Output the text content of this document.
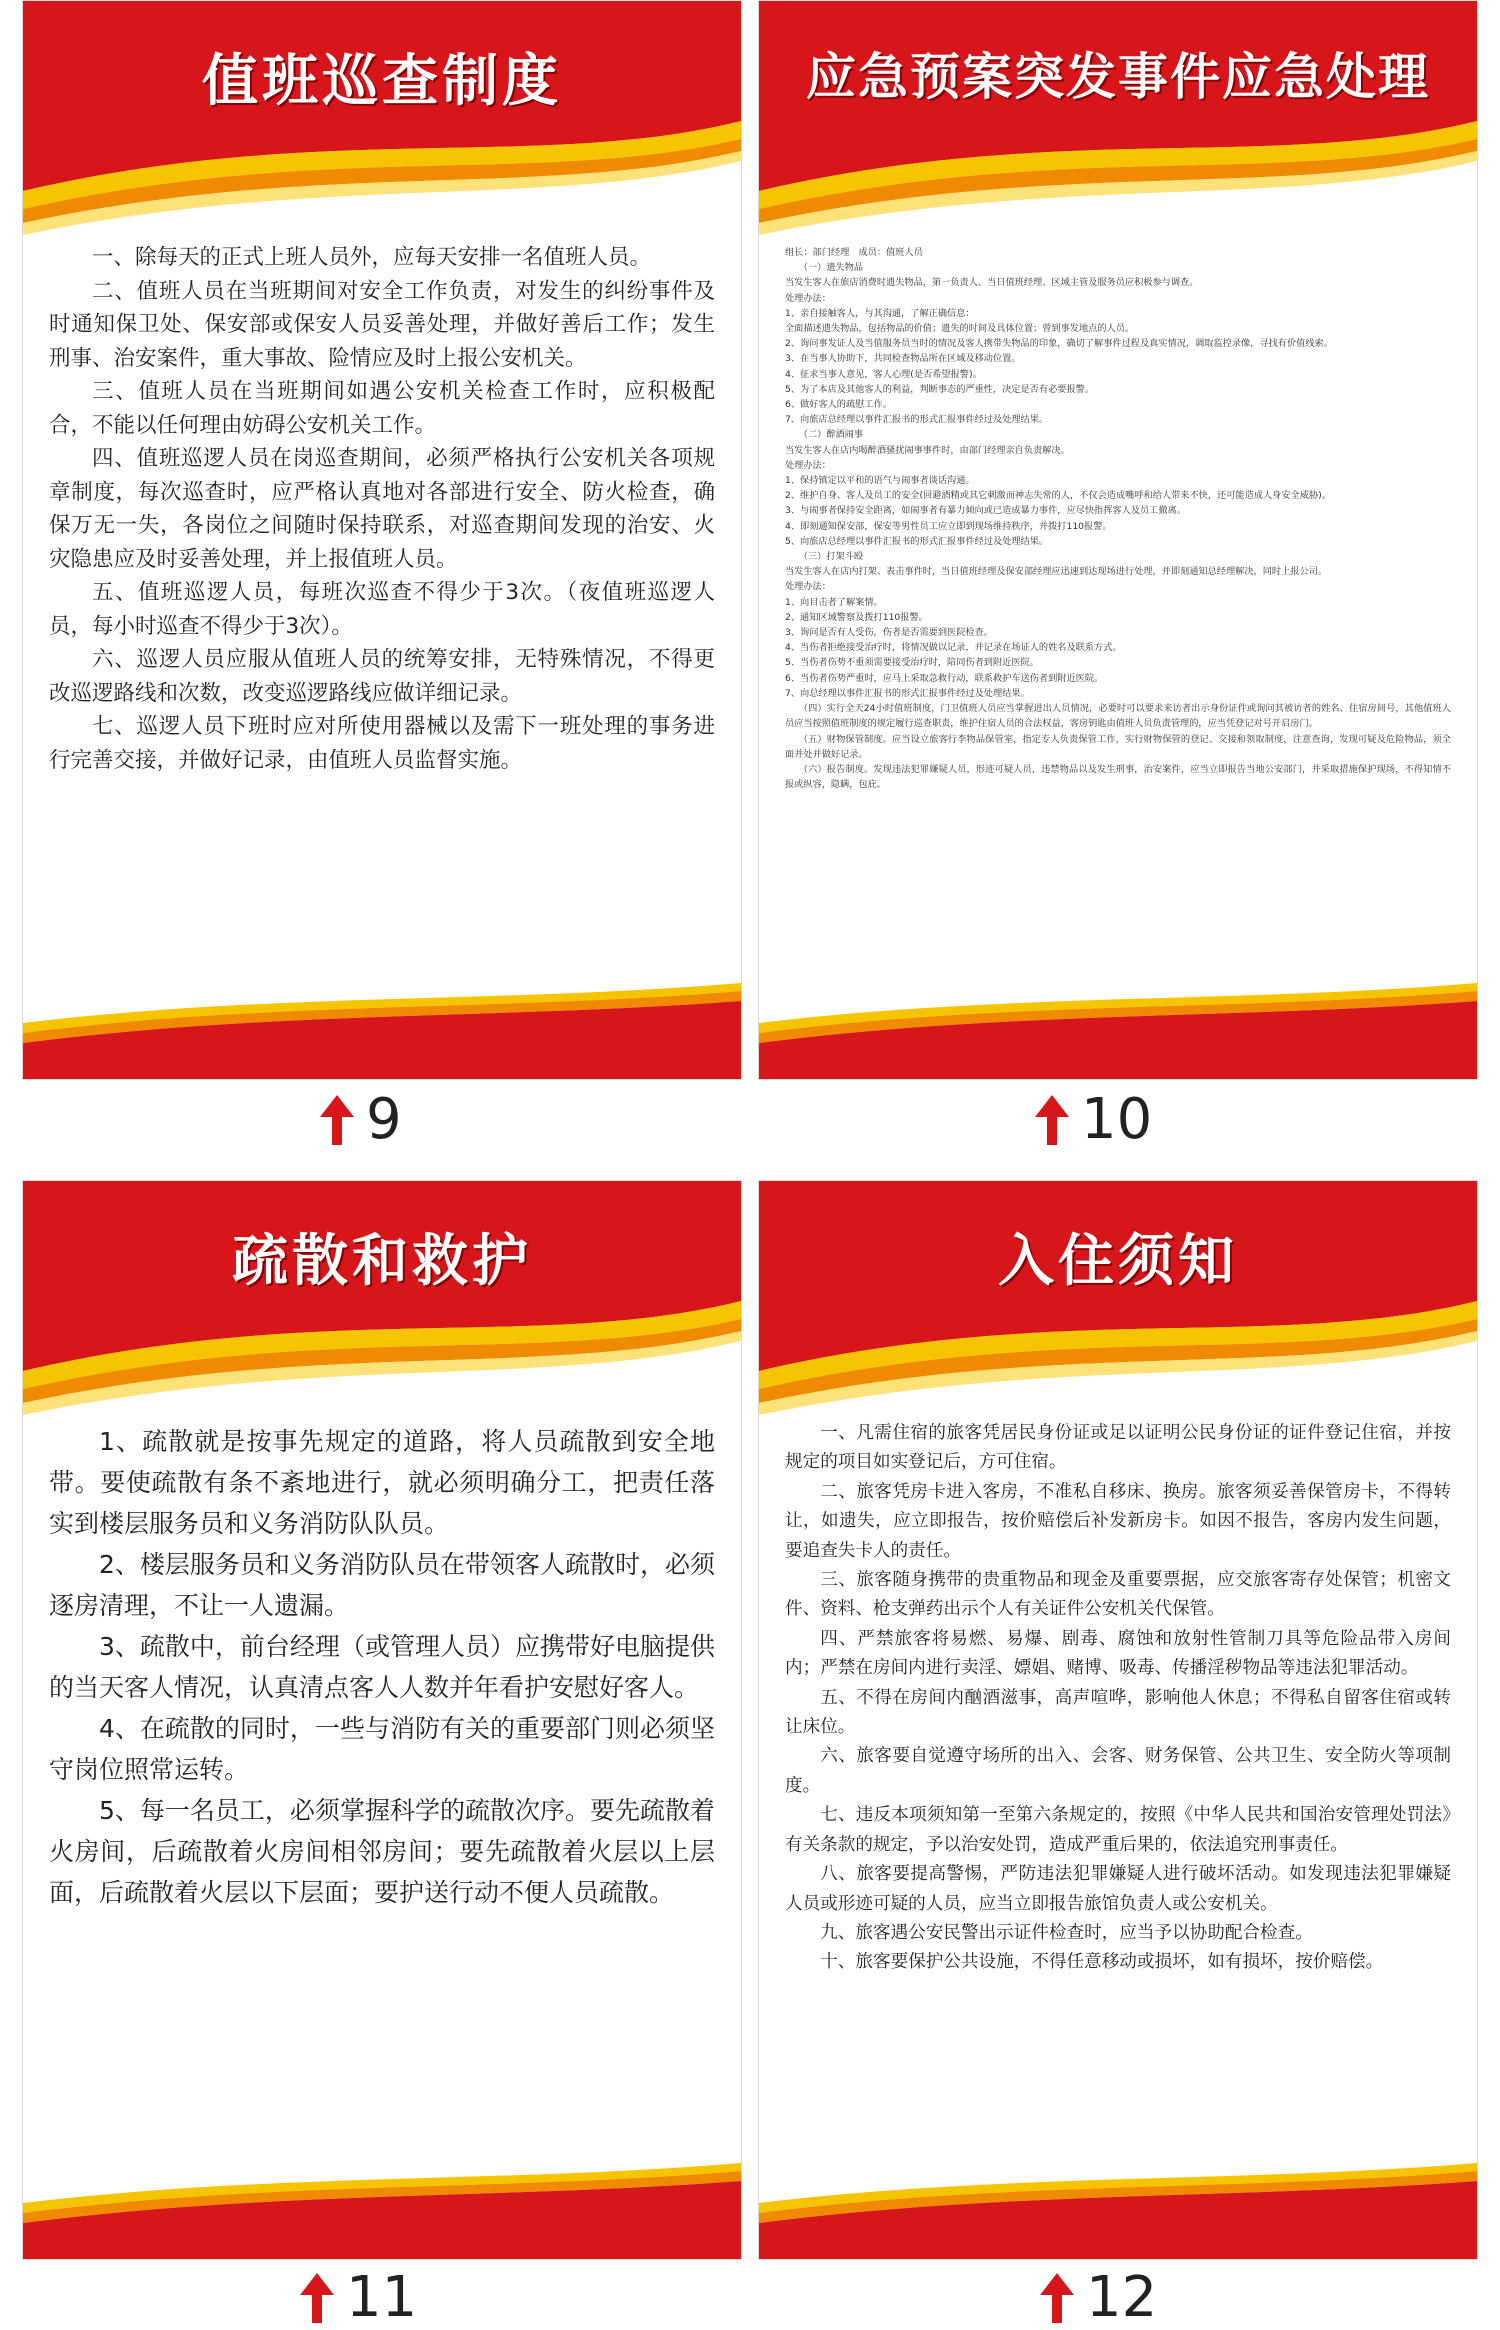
值班巡查制度

一、除每天的正式上班人员外，应每天安排一名值班人员。

二、值班人员在当班期间对安全工作负责，对发生的纠纷事件及时通知保卫处、保安部或保安人员妥善处理，并做好善后工作；发生刑事、治安案件，重大事故、险情应及时上报公安机关。

三、值班人员在当班期间如遇公安机关检查工作时，应积极配合，不能以任何理由妨碍公安机关工作。

四、值班巡逻人员在岗巡查期间，必须严格执行公安机关各项规章制度，每次巡查时，应严格认真地对各部进行安全、防火检查，确保万无一失，各岗位之间随时保持联系，对巡查期间发现的治安、火灾隐患应及时妥善处理，并上报值班人员。

五、值班巡逻人员，每班次巡查不得少于3次。（夜值班巡逻人员，每小时巡查不得少于3次）。

六、巡逻人员应服从值班人员的统筹安排，无特殊情况，不得更改巡逻路线和次数，改变巡逻路线应做详细记录。

七、巡逻人员下班时应对所使用器械以及需下一班处理的事务进行完善交接，并做好记录，由值班人员监督实施。

9
应急预案突发事件应急处理

组长：部门经理　成员：值班人员

（一）遗失物品

当发生客人在旅店消费时遗失物品，第一负责人、当日值班经理、区域主管及服务员应积极参与调查。

处理办法：

1、亲自接触客人，与其沟通，了解正确信息：

全面描述遗失物品，包括物品的价值；遗失的时间及具体位置；曾到事发地点的人员。

2、询问事发证人及当值服务员当时的情况及客人携带失物品的印象，确切了解事件过程及真实情况，调取监控录像，寻找有价值线索。

3、在当事人协助下，共同检查物品所在区域及移动位置。

4、征求当事人意见，客人心理(是否希望报警)。

5、为了本店及其他客人的利益，判断事态的严重性，决定是否有必要报警。

6、做好客人的疏慰工作。

7、向旅店总经理以事件汇报书的形式汇报事件经过及处理结果。

（二）醉酒闹事

当发生客人在店内喝醉酒骚扰闹事事件时，由部门经理亲自负责解决。

处理办法：

1、保持镇定以平和的语气与闹事者谈话沟通。

2、维护自身、客人及员工的安全(回避酒精或其它刺激而神志失常的人，不仅会造成嘴呼和给人带来不快，还可能造成人身安全威胁)。

3、与闹事者保持安全距离，如闹事者有暴力倾向或已造成暴力事件，应尽快指挥客人及员工撤离。

4、即刻通知保安部，保安等男性员工应立即到现场维持秩序，并拨打110报警。

5、向旅店总经理以事件汇报书的形式汇报事件经过及处理结果。

（三）打架斗殴

当发生客人在店内打架、表击事件时，当日值班经理及保安部经理应迅速到达现场进行处理，并即刻通知总经理解决，同时上报公司。

处理办法：

1、向目击者了解案情。

2、通知区域警察及拨打110报警。

3、询问是否有人受伤，伤者是否需要到医院检查。

4、当伤者拒绝接受治疗时，将情况做以记录，并记录在场证人的姓名及联系方式。

5、当伤者伤势不重须需要接受治疗时，陪同伤者到附近医院。

6、当伤者伤势严重时，应马上采取急救行动，联系救护车送伤者到附近医院。

7、向总经理以事件汇报书的形式汇报事件经过及处理结果。

（四）实行全天24小时值班制度，门卫值班人员应当掌握进出人员情况，必要时可以要求来访者出示身份证件或询问其被访者的姓名、住宿房间号，其他值班人员应当按照值班制度的规定履行巡查职责，维护住宿人员的合法权益，客房钥匙由值班人员负责管理的，应当凭登记对号开启房门。

（五）财物保管制度。应当设立旅客行李物品保管室，指定专人负责保管工作，实行财物保管的登记、交接和领取制度，注意查询，发现可疑及危险物品，须全面并处并做好记录。

（六）报告制度。发现违法犯罪嫌疑人员，形迹可疑人员，违禁物品以及发生刑事，治安案件，应当立即报告当地公安部门，并采取措施保护现场，不得知情不报或纵容，隐瞒，包庇。

10
疏散和救护

1、疏散就是按事先规定的道路，将人员疏散到安全地带。要使疏散有条不紊地进行，就必须明确分工，把责任落实到楼层服务员和义务消防队队员。

2、楼层服务员和义务消防队员在带领客人疏散时，必须逐房清理，不让一人遗漏。

3、疏散中，前台经理（或管理人员）应携带好电脑提供的当天客人情况，认真清点客人人数并年看护安慰好客人。

4、在疏散的同时，一些与消防有关的重要部门则必须坚守岗位照常运转。

5、每一名员工，必须掌握科学的疏散次序。要先疏散着火房间，后疏散着火房间相邻房间；要先疏散着火层以上层面，后疏散着火层以下层面；要护送行动不便人员疏散。

11
入住须知

一、凡需住宿的旅客凭居民身份证或足以证明公民身份证的证件登记住宿，并按规定的项目如实登记后，方可住宿。

二、旅客凭房卡进入客房，不准私自移床、换房。旅客须妥善保管房卡，不得转让，如遗失，应立即报告，按价赔偿后补发新房卡。如因不报告，客房内发生问题，要追查失卡人的责任。

三、旅客随身携带的贵重物品和现金及重要票据，应交旅客寄存处保管；机密文件、资料、枪支弹药出示个人有关证件公安机关代保管。

四、严禁旅客将易燃、易爆、剧毒、腐蚀和放射性管制刀具等危险品带入房间内；严禁在房间内进行卖淫、嫖娼、赌博、吸毒、传播淫秽物品等违法犯罪活动。

五、不得在房间内酗酒滋事，高声喧哗，影响他人休息；不得私自留客住宿或转让床位。

六、旅客要自觉遵守场所的出入、会客、财务保管、公共卫生、安全防火等项制度。

七、违反本项须知第一至第六条规定的，按照《中华人民共和国治安管理处罚法》有关条款的规定，予以治安处罚，造成严重后果的，依法追究刑事责任。

八、旅客要提高警惕，严防违法犯罪嫌疑人进行破坏活动。如发现违法犯罪嫌疑人员或形迹可疑的人员，应当立即报告旅馆负责人或公安机关。

九、旅客遇公安民警出示证件检查时，应当予以协助配合检查。

十、旅客要保护公共设施，不得任意移动或损坏，如有损坏，按价赔偿。

12
